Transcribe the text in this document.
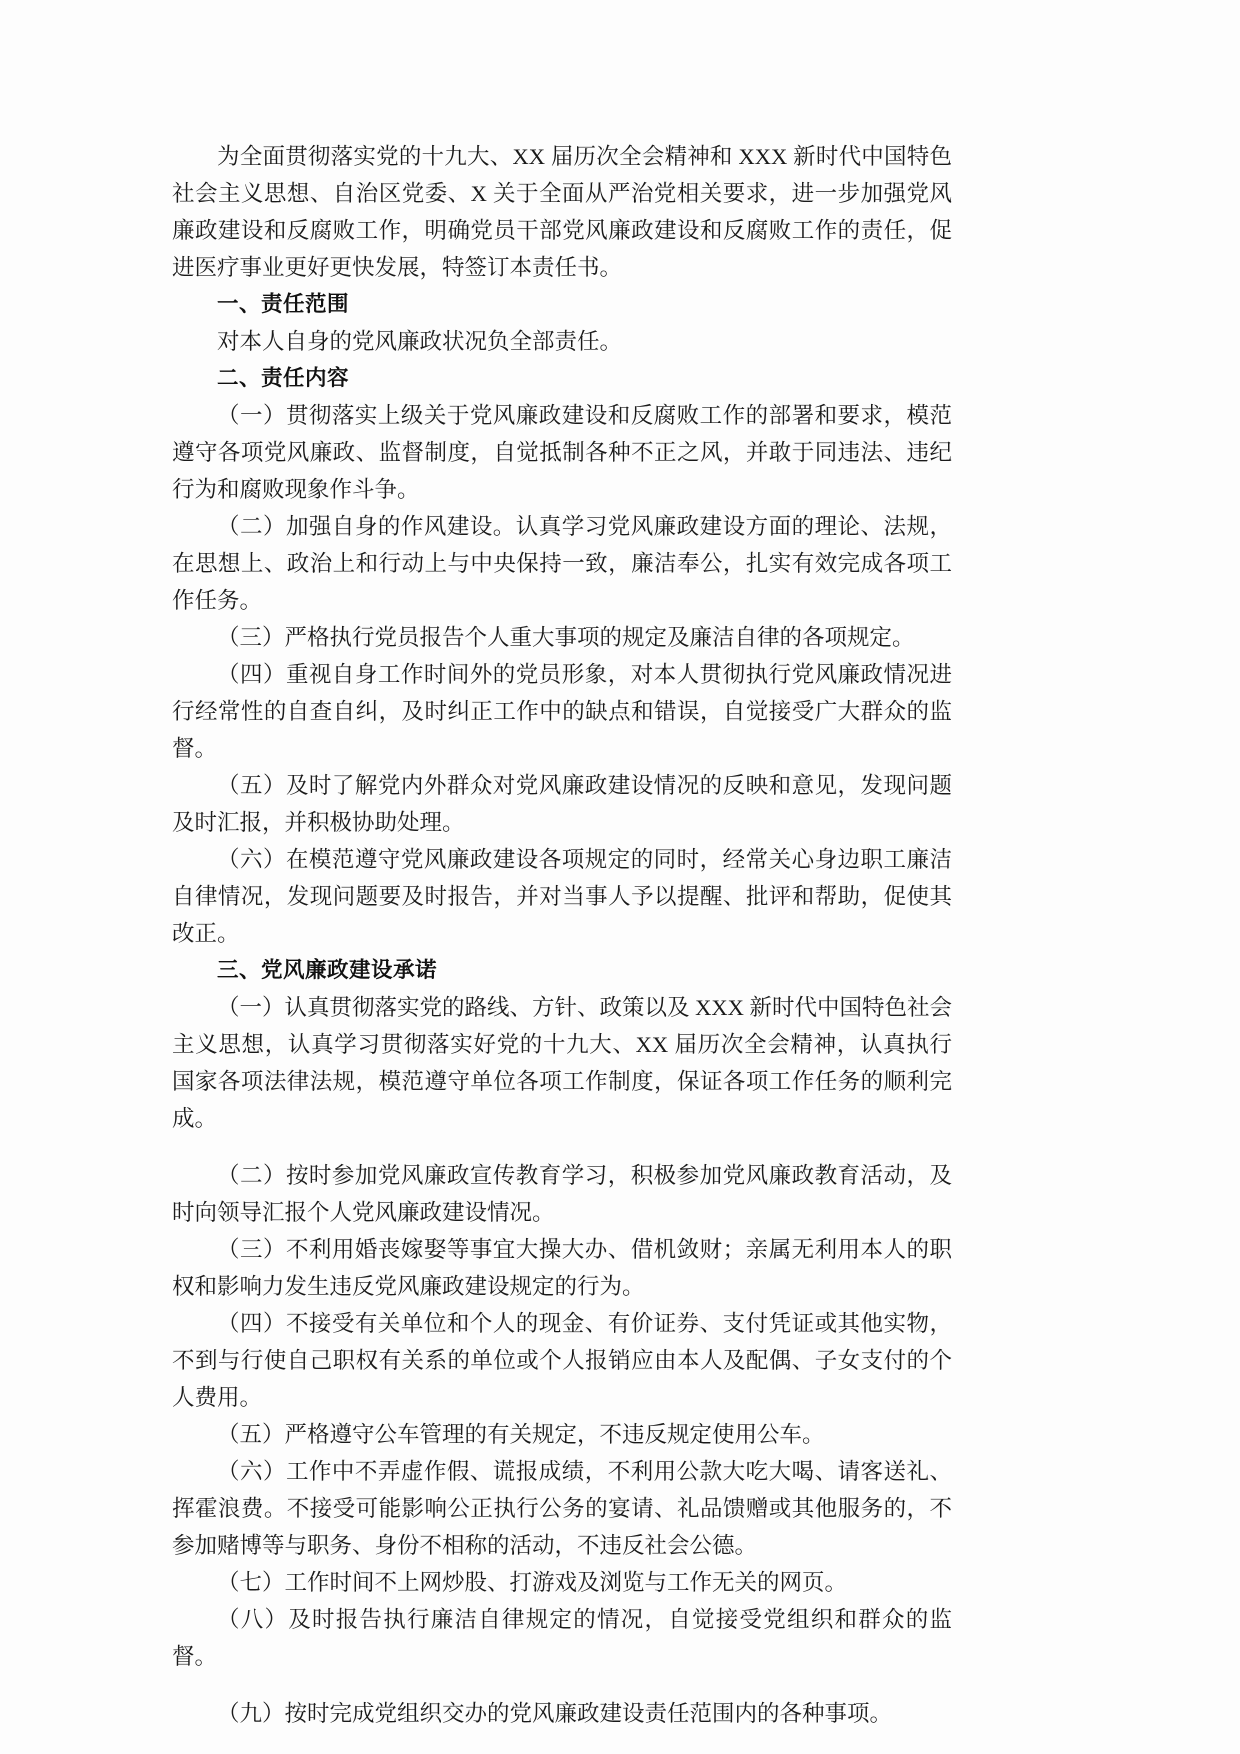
为全面贯彻落实党的十九大、XX 届历次全会精神和 XXX 新时代中国特色社会主义思想、自治区党委、X 关于全面从严治党相关要求，进一步加强党风廉政建设和反腐败工作，明确党员干部党风廉政建设和反腐败工作的责任，促进医疗事业更好更快发展，特签订本责任书。

一、责任范围

对本人自身的党风廉政状况负全部责任。

二、责任内容

（一）贯彻落实上级关于党风廉政建设和反腐败工作的部署和要求，模范遵守各项党风廉政、监督制度，自觉抵制各种不正之风，并敢于同违法、违纪行为和腐败现象作斗争。

（二）加强自身的作风建设。认真学习党风廉政建设方面的理论、法规，在思想上、政治上和行动上与中央保持一致，廉洁奉公，扎实有效完成各项工作任务。

（三）严格执行党员报告个人重大事项的规定及廉洁自律的各项规定。

（四）重视自身工作时间外的党员形象，对本人贯彻执行党风廉政情况进行经常性的自查自纠，及时纠正工作中的缺点和错误，自觉接受广大群众的监督。

（五）及时了解党内外群众对党风廉政建设情况的反映和意见，发现问题及时汇报，并积极协助处理。

（六）在模范遵守党风廉政建设各项规定的同时，经常关心身边职工廉洁自律情况，发现问题要及时报告，并对当事人予以提醒、批评和帮助，促使其改正。

三、党风廉政建设承诺

（一）认真贯彻落实党的路线、方针、政策以及 XXX 新时代中国特色社会主义思想，认真学习贯彻落实好党的十九大、XX 届历次全会精神，认真执行国家各项法律法规，模范遵守单位各项工作制度，保证各项工作任务的顺利完成。

（二）按时参加党风廉政宣传教育学习，积极参加党风廉政教育活动，及时向领导汇报个人党风廉政建设情况。

（三）不利用婚丧嫁娶等事宜大操大办、借机敛财；亲属无利用本人的职权和影响力发生违反党风廉政建设规定的行为。

（四）不接受有关单位和个人的现金、有价证券、支付凭证或其他实物，不到与行使自己职权有关系的单位或个人报销应由本人及配偶、子女支付的个人费用。

（五）严格遵守公车管理的有关规定，不违反规定使用公车。

（六）工作中不弄虚作假、谎报成绩，不利用公款大吃大喝、请客送礼、挥霍浪费。不接受可能影响公正执行公务的宴请、礼品馈赠或其他服务的，不参加赌博等与职务、身份不相称的活动，不违反社会公德。

（七）工作时间不上网炒股、打游戏及浏览与工作无关的网页。

（八）及时报告执行廉洁自律规定的情况，自觉接受党组织和群众的监督。

（九）按时完成党组织交办的党风廉政建设责任范围内的各种事项。
